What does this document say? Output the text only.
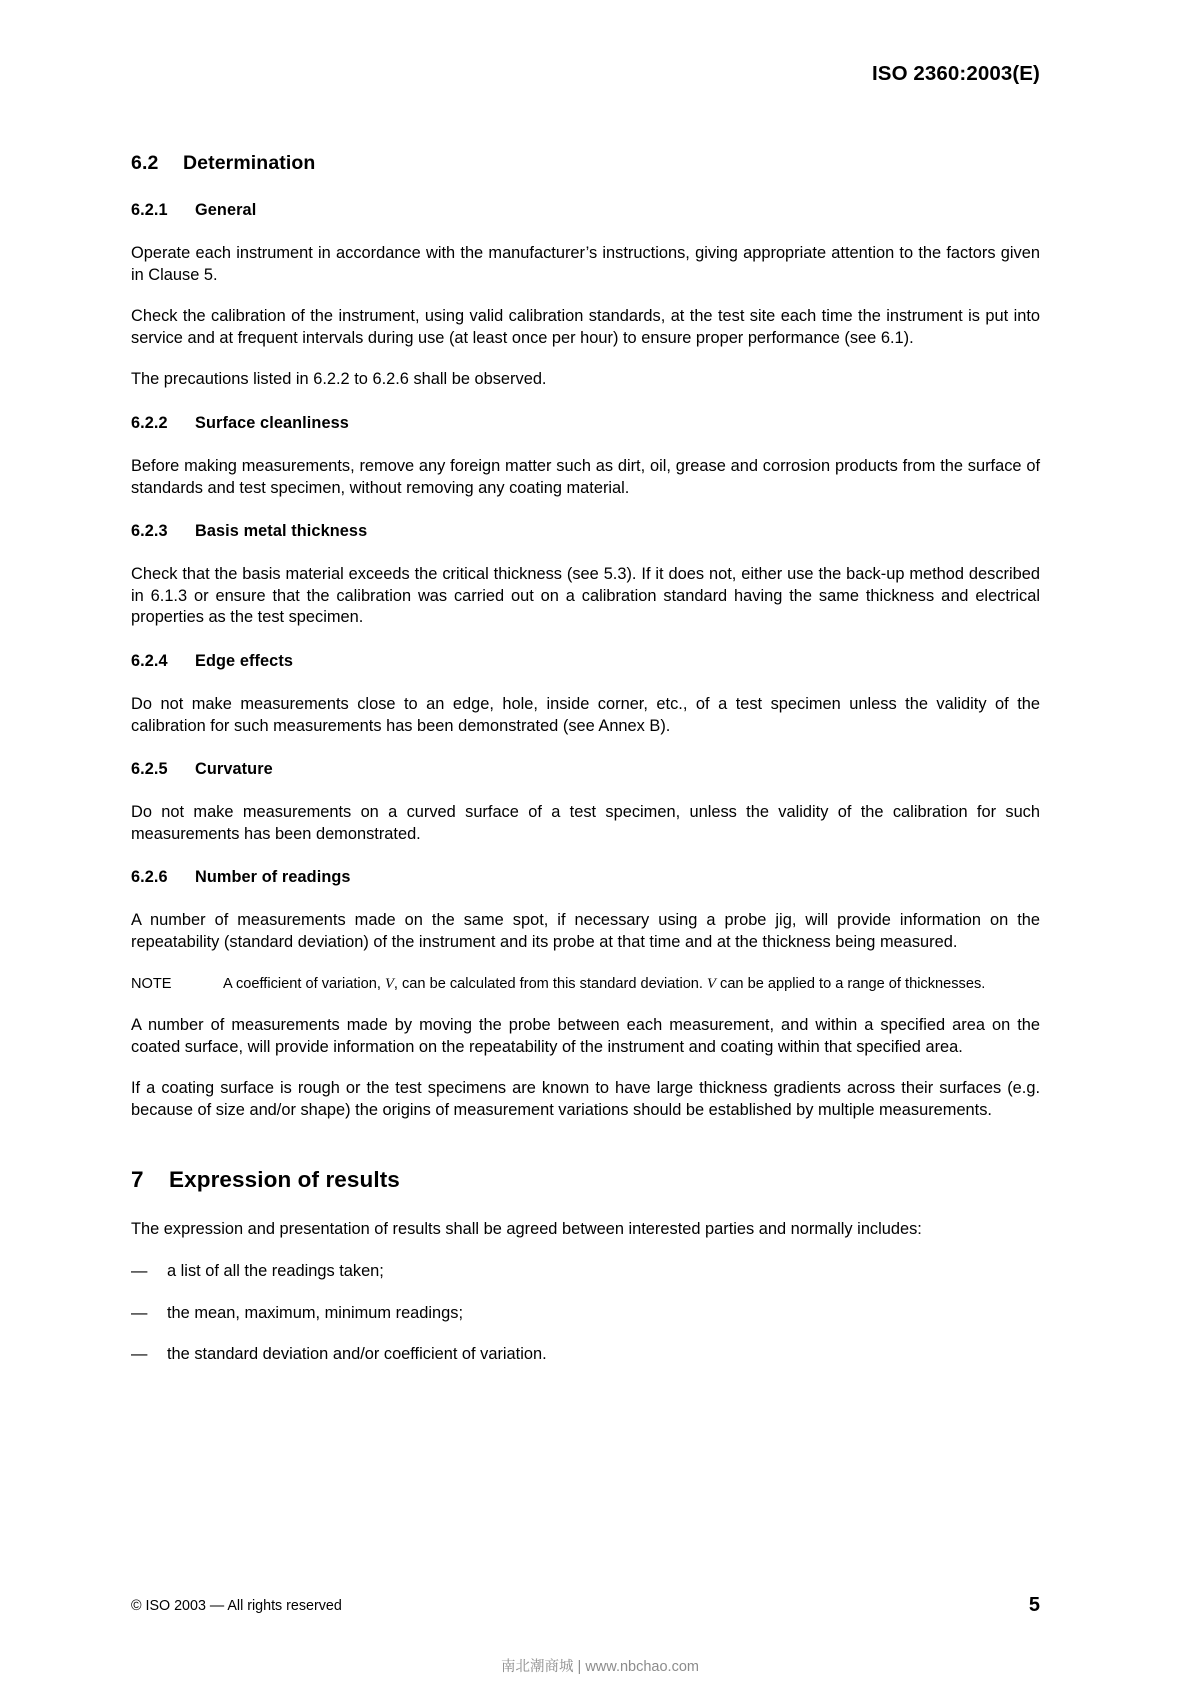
ISO 2360:2003(E)
6.2 Determination
6.2.1 General

Operate each instrument in accordance with the manufacturer’s instructions, giving appropriate attention to the factors given in Clause 5.

Check the calibration of the instrument, using valid calibration standards, at the test site each time the instrument is put into service and at frequent intervals during use (at least once per hour) to ensure proper performance (see 6.1).

The precautions listed in 6.2.2 to 6.2.6 shall be observed.

6.2.2 Surface cleanliness

Before making measurements, remove any foreign matter such as dirt, oil, grease and corrosion products from the surface of standards and test specimen, without removing any coating material.

6.2.3 Basis metal thickness

Check that the basis material exceeds the critical thickness (see 5.3). If it does not, either use the back-up method described in 6.1.3 or ensure that the calibration was carried out on a calibration standard having the same thickness and electrical properties as the test specimen.

6.2.4 Edge effects

Do not make measurements close to an edge, hole, inside corner, etc., of a test specimen unless the validity of the calibration for such measurements has been demonstrated (see Annex B).

6.2.5 Curvature

Do not make measurements on a curved surface of a test specimen, unless the validity of the calibration for such measurements has been demonstrated.

6.2.6 Number of readings

A number of measurements made on the same spot, if necessary using a probe jig, will provide information on the repeatability (standard deviation) of the instrument and its probe at that time and at the thickness being measured.

NOTE	A coefficient of variation, V, can be calculated from this standard deviation. V can be applied to a range of thicknesses.

A number of measurements made by moving the probe between each measurement, and within a specified area on the coated surface, will provide information on the repeatability of the instrument and coating within that specified area.

If a coating surface is rough or the test specimens are known to have large thickness gradients across their surfaces (e.g. because of size and/or shape) the origins of measurement variations should be established by multiple measurements.

7 Expression of results

The expression and presentation of results shall be agreed between interested parties and normally includes:

—	a list of all the readings taken;
—	the mean, maximum, minimum readings;
—	the standard deviation and/or coefficient of variation.
© ISO 2003 — All rights reserved	5
南北潮商城 | www.nbchao.com
